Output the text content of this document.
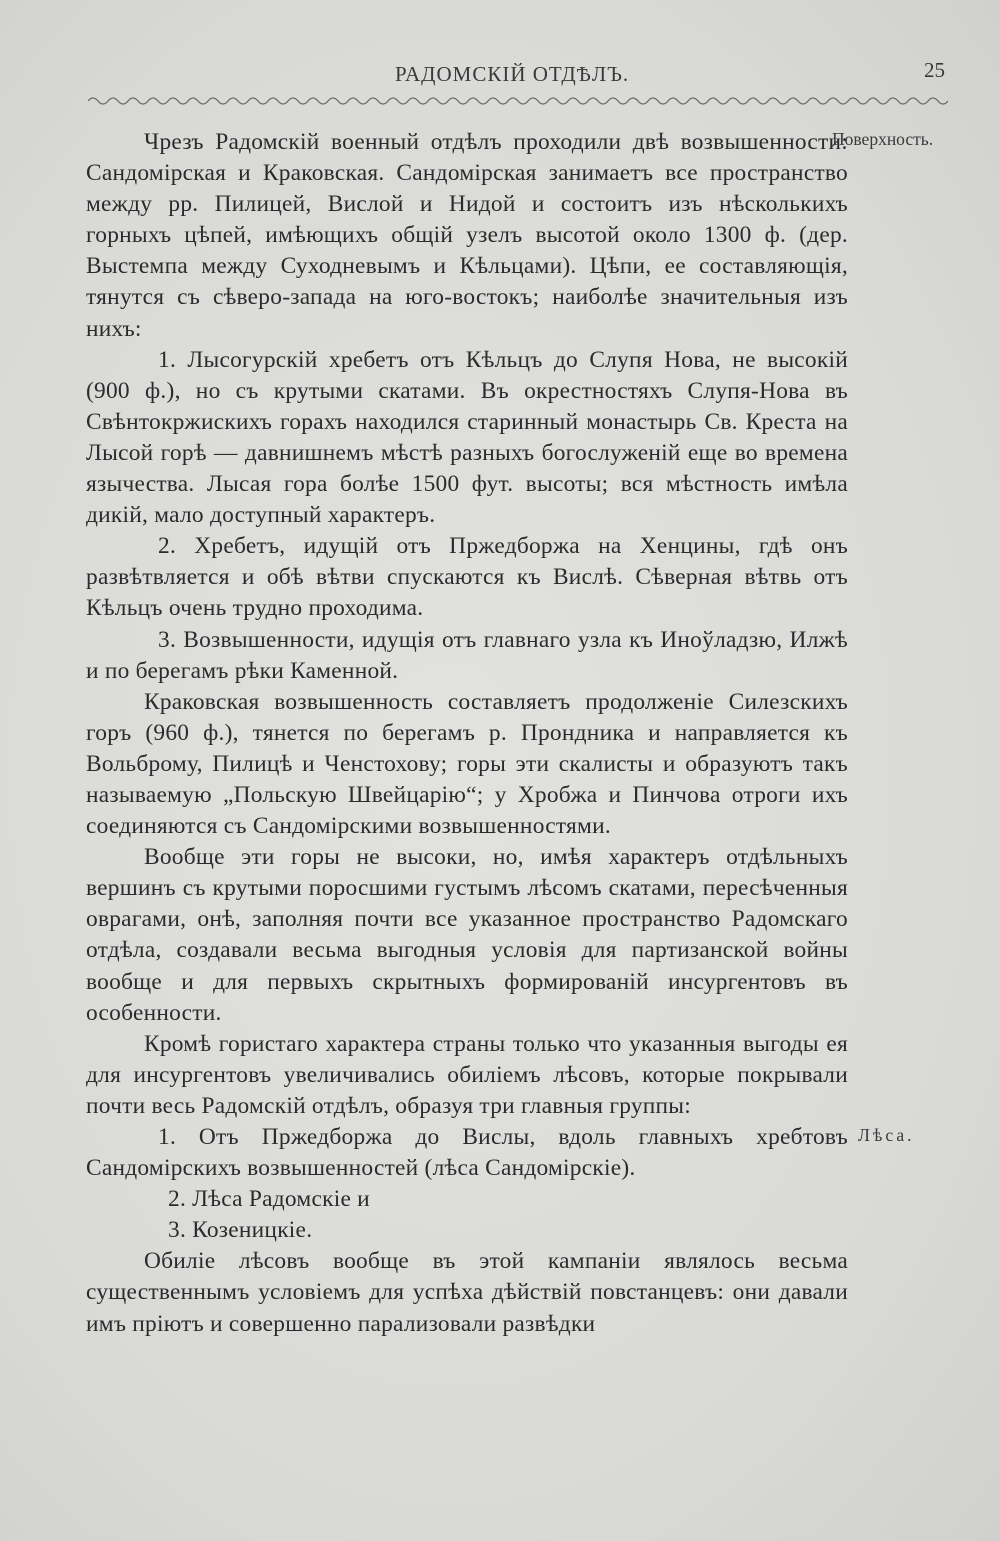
РАДОМСКІЙ ОТДѢЛЪ.	25
Поверхность.
Лѣса.

Чрезъ Радомскій военный отдѣлъ проходили двѣ возвышенности: Сандомірская и Краковская. Сандомірская занимаетъ все пространство между рр. Пилицей, Вислой и Нидой и состоитъ изъ нѣсколькихъ горныхъ цѣпей, имѣющихъ общій узелъ высотой около 1300 ф. (дер. Выстемпа между Суходневымъ и Кѣльцами). Цѣпи, ее составляющія, тянутся съ сѣверо-запада на юго-востокъ; наиболѣе значительныя изъ нихъ:

1. Лысогурскій хребетъ отъ Кѣльцъ до Слупя Нова, не высокій (900 ф.), но съ крутыми скатами. Въ окрестностяхъ Слупя-Нова въ Свѣнтокржискихъ горахъ находился старинный монастырь Св. Креста на Лысой горѣ — давнишнемъ мѣстѣ разныхъ богослуженій еще во времена язычества. Лысая гора болѣе 1500 фут. высоты; вся мѣстность имѣла дикій, мало доступный характеръ.

2. Хребетъ, идущій отъ Пржедборжа на Хенцины, гдѣ онъ развѣтвляется и обѣ вѣтви спускаются къ Вислѣ. Сѣверная вѣтвь отъ Кѣльцъ очень трудно проходима.

3. Возвышенности, идущія отъ главнаго узла къ Иноўладзю, Илжѣ и по берегамъ рѣки Каменной.

Краковская возвышенность составляетъ продолженіе Силезскихъ горъ (960 ф.), тянется по берегамъ р. Прондника и направляется къ Вольброму, Пилицѣ и Ченстохову; горы эти скалисты и образуютъ такъ называемую „Польскую Швейцарію“; у Хробжа и Пинчова отроги ихъ соединяются съ Сандомірскими возвышенностями.

Вообще эти горы не высоки, но, имѣя характеръ отдѣльныхъ вершинъ съ крутыми поросшими густымъ лѣсомъ скатами, пересѣченныя оврагами, онѣ, заполняя почти все указанное пространство Радомскаго отдѣла, создавали весьма выгодныя условія для партизанской войны вообще и для первыхъ скрытныхъ формированій инсургентовъ въ особенности.

Кромѣ гористаго характера страны только что указанныя выгоды ея для инсургентовъ увеличивались обиліемъ лѣсовъ, которые покрывали почти весь Радомскій отдѣлъ, образуя три главныя группы:

1. Отъ Пржедборжа до Вислы, вдоль главныхъ хребтовъ Сандомірскихъ возвышенностей (лѣса Сандомірскіе).

2. Лѣса Радомскіе и

3. Козеницкіе.

Обиліе лѣсовъ вообще въ этой кампаніи являлось весьма существеннымъ условіемъ для успѣха дѣйствій повстанцевъ: они давали имъ пріютъ и совершенно парализовали развѣдки
